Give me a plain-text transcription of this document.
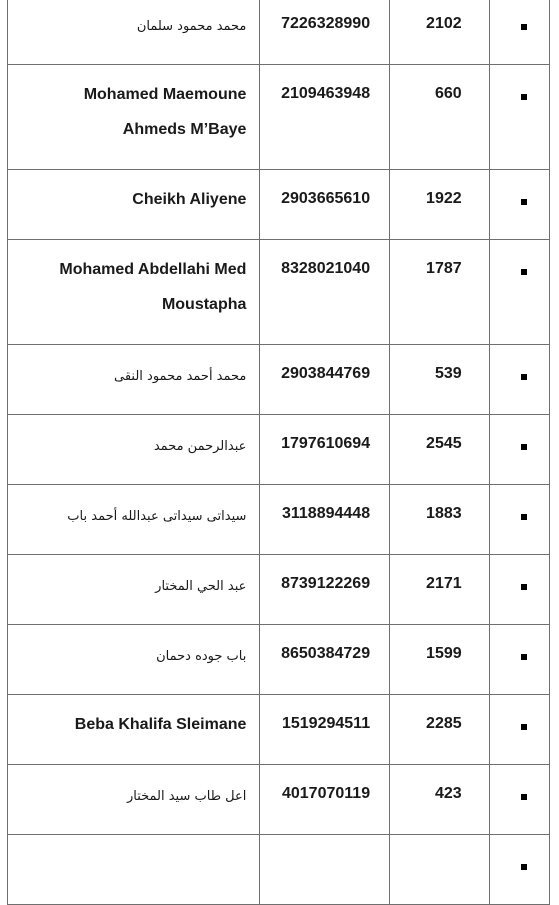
محمد محمود سلمان	7226328990	2102	

Mohamed Maemoune
Ahmeds M’Baye	2109463948	660	

Cheikh Aliyene	2903665610	1922	

Mohamed Abdellahi Med
Moustapha	8328021040	1787	

محمد أحمد محمود النقى	2903844769	539	

عبدالرحمن محمد	1797610694	2545	

سيداتى سيداتى عبدالله أحمد باب	3118894448	1883	

عبد الحي المختار	8739122269	2171	

باب جوده دحمان	8650384729	1599	

Beba Khalifa Sleimane	1519294511	2285	

اعل طاب سيد المختار	4017070119	423	
